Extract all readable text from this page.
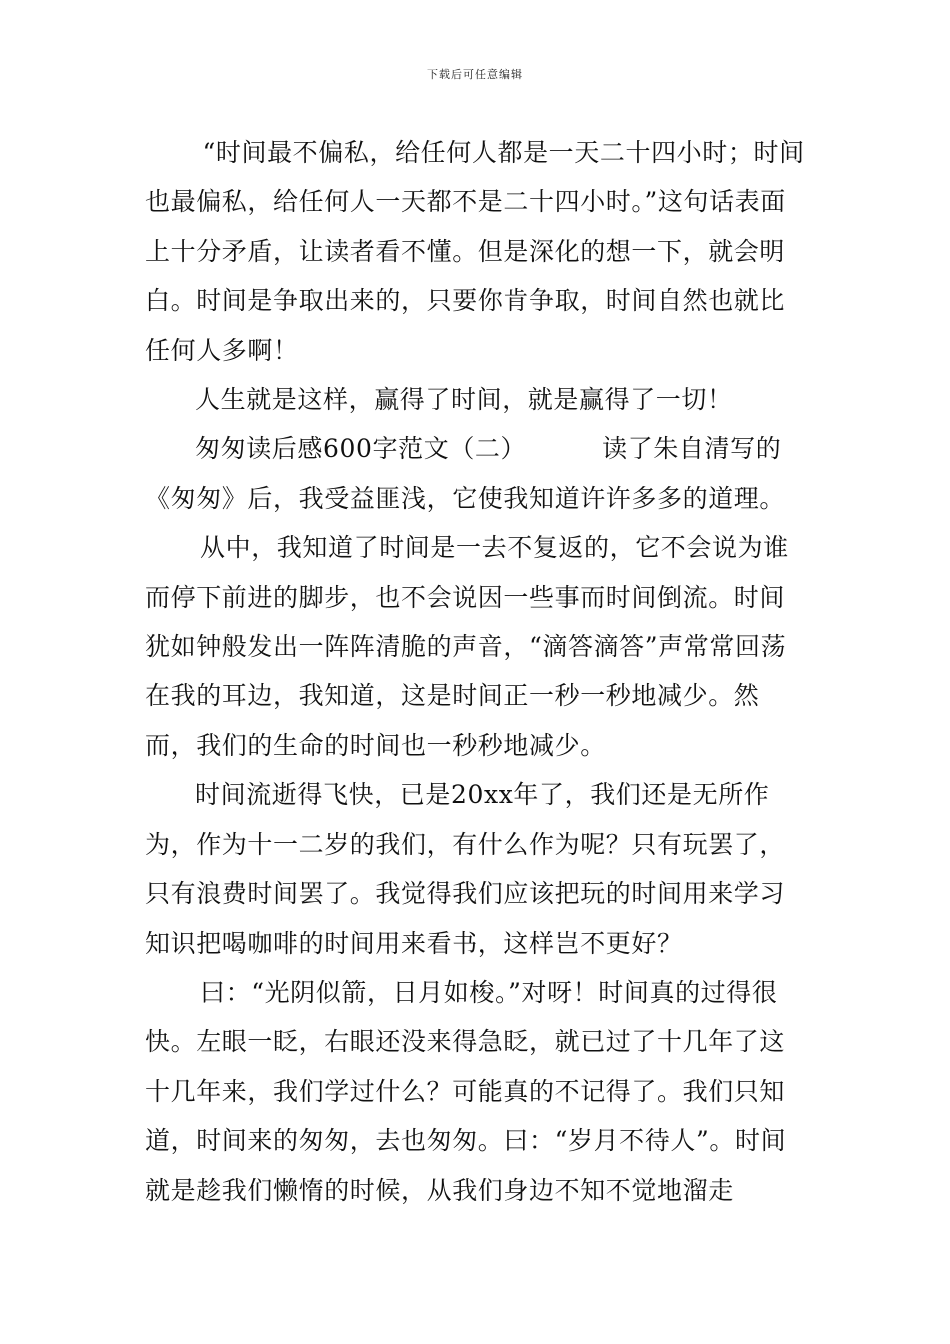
下载后可任意编辑

“时间最不偏私，给任何人都是一天二十四小时；时间也最偏私，给任何人一天都不是二十四小时。”这句话表面上十分矛盾，让读者看不懂。但是深化的想一下，就会明白。时间是争取出来的，只要你肯争取，时间自然也就比任何人多啊！

人生就是这样，赢得了时间，就是赢得了一切！

匆匆读后感600字范文（二）	读了朱自清写的《匆匆》后，我受益匪浅，它使我知道许许多多的道理。

从中，我知道了时间是一去不复返的，它不会说为谁而停下前进的脚步，也不会说因一些事而时间倒流。时间犹如钟般发出一阵阵清脆的声音，“滴答滴答”声常常回荡在我的耳边，我知道，这是时间正一秒一秒地减少。然而，我们的生命的时间也一秒秒地减少。

时间流逝得飞快，已是20xx年了，我们还是无所作为，作为十一二岁的我们，有什么作为呢？只有玩罢了，只有浪费时间罢了。我觉得我们应该把玩的时间用来学习知识把喝咖啡的时间用来看书，这样岂不更好？

曰：“光阴似箭，日月如梭。”对呀！时间真的过得很快。左眼一眨，右眼还没来得急眨，就已过了十几年了这十几年来，我们学过什么？可能真的不记得了。我们只知道，时间来的匆匆，去也匆匆。曰：“岁月不待人”。时间就是趁我们懒惰的时候，从我们身边不知不觉地溜走
